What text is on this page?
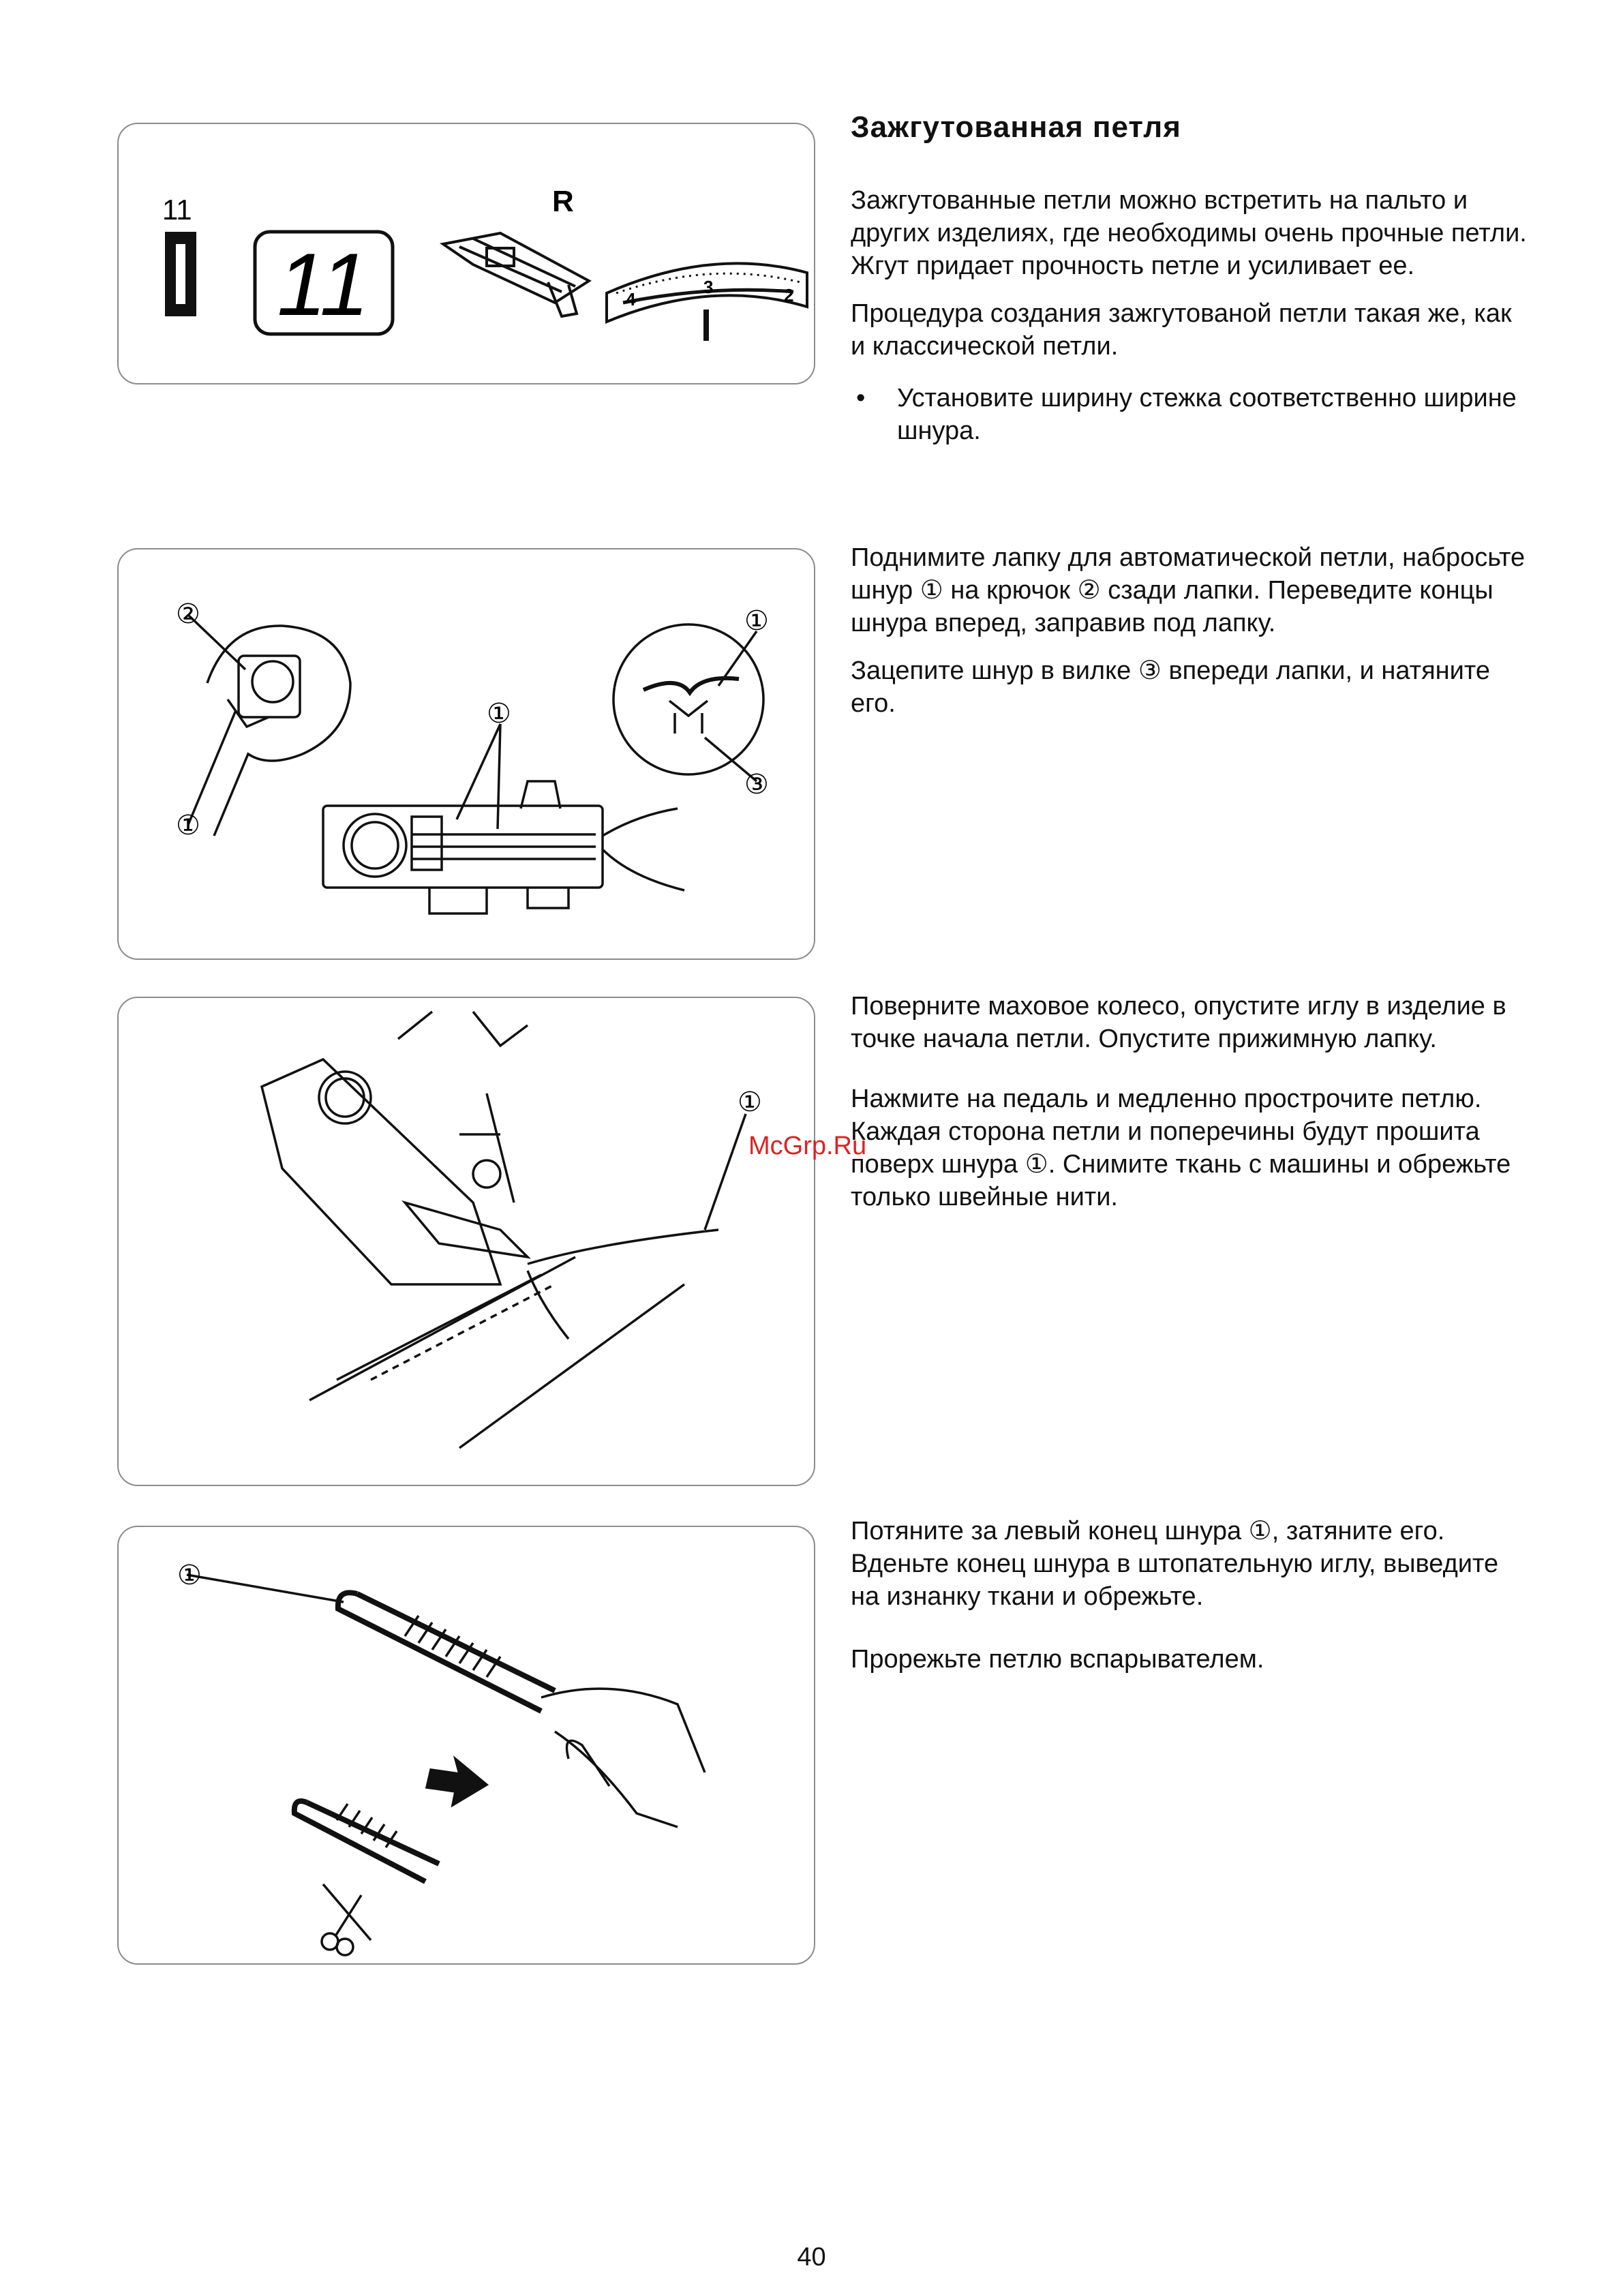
Зажгутованная петля
11
11
R
4
3	2
②
①
①
①
③
①
①

Зажгутованные петли можно встретить на пальто и других изделиях, где необходимы очень прочные петли. Жгут придает прочность петле и усиливает ее.

Процедура создания зажгутованой петли такая же, как и классической петли.

• Установите ширину стежка соответственно ширине шнура.

Поднимите лапку для автоматической петли, набросьте шнур ① на крючок ② сзади лапки. Переведите концы шнура вперед, заправив под лапку.

Зацепите шнур в вилке ③ впереди лапки, и натяните его.

Поверните маховое колесо, опустите иглу в изделие в точке начала петли. Опустите прижимную лапку.

Нажмите на педаль и медленно прострочите петлю. Каждая сторона петли и поперечины будут прошита поверх шнура ①. Снимите ткань с машины и обрежьте только швейные нити.

Потяните за левый конец шнура ①, затяните его. Вденьте конец шнура в штопательную иглу, выведите на изнанку ткани и обрежьте.

Прорежьте петлю вспарывателем.

McGrp.Ru
40
